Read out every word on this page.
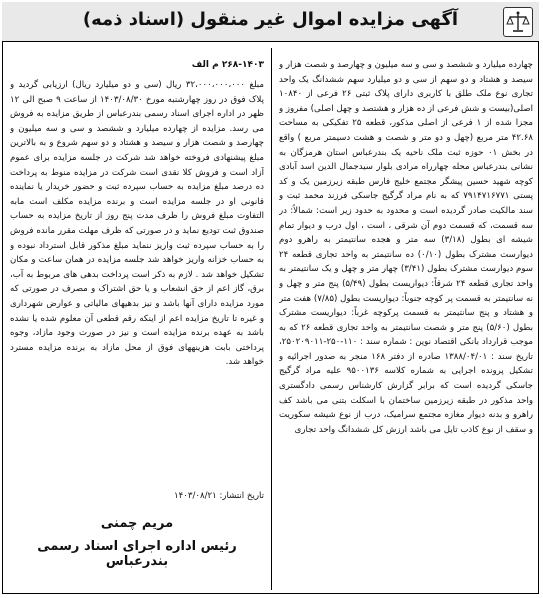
آگهی مزایده اموال غیر منقول (اسناد ذمه)
چهارده میلیارد و ششصد و سی و سه میلیون و چهارصد و شصت هزار و سیصد و هشتاد و دو سهم از سی و دو میلیارد سهم ششدانگ یک واحد تجاری نوع ملک طلق با کاربری دارای پلاک ثبتی ۲۶ فرعی از ۱۰۸۴۰ اصلی(بیست و شش فرعی از ده هزار و هشتصد و چهل اصلی) مفروز و مجزا شده از ۱ فرعی از اصلی مذکور، قطعه ۲۵ تفکیکی به مساحت ۴۲.۶۸ متر مربع (چهل و دو متر و شصت و هشت دسیمتر مربع ) واقع در بخش ۰۱ حوزه ثبت ملک ناحیه یک بندرعباس استان هرمزگان به نشانی بندرعباس محله چهارراه مرادی بلوار سیدجمال الدین اسد آبادی کوچه شهید حسین پیشگر مجتمع خلیج فارس طبقه زیرزمین یک و کد پستی ۷۹۱۴۷۱۶۷۷۱ که به نام مراد گرگیج جاسکی فرزند محمد ثبت و سند مالکیت صادر گردیده است و محدود به حدود زیر است: شمالاً: در سه قسمت، که قسمت دوم آن شرقی ، است ، اول درب و دیوار تمام شیشه ای بطول (۳/۱۸) سه متر و هجده سانتیمتر به راهرو دوم دیوارست مشترک بطول (۰/۱۰) ده سانتیمتر به واحد تجاری قطعه ۲۴ سوم دیوارست مشترک بطول (۳/۴۱) چهار متر و چهل و یک سانتیمتر به واحد تجاری قطعه ۲۴ شرقاً: دیواریست بطول (۵/۴۹) پنج متر و چهل و نه سانتیمتر به قسمت پر کوچه جنوباً: دیواریست بطول (۷/۸۵) هفت متر و هشتاد و پنج سانتیمتر به قسمت پرکوچه غرباً: دیواریست مشترک بطول (۵/۶۰) پنج متر و شصت سانتیمتر به واحد تجاری قطعه ۲۶ که به موجب قرارداد بانکی اقتصاد نوین : شماره سند : ۱۱۰-۲۵۰-۲۵۰۲۰۹۰۱۱، تاریخ سند : ۱۳۸۸/۰۴/۰۱ صادره از دفتر ۱۶۸ منجر به صدور اجرائیه و تشکیل پرونده اجرایی به شماره کلاسه ۹۵۰۰۱۳۶ علیه مراد گرگیج جاسکی گردیده است که برابر گزارش کارشناس رسمی دادگستری واحد مذکور در طبقه زیرزمین ساختمان با اسکلت بتنی می باشد کف راهرو و بدنه دیوار مغازه مجتمع سرامیک، درب از نوع شیشه سکوریت و سقف از نوع کاذب تایل می باشد ارزش کل ششدانگ واحد تجاری
۲۶۸-۱۴۰۳ م الف
مبلغ ۳۲،۰۰۰،۰۰۰،۰۰۰ ریال (سی و دو میلیارد ریال) ارزیابی گردید و پلاک فوق در روز چهارشنبه مورخ ۱۴۰۳/۰۸/۳۰ از ساعت ۹ صبح الی ۱۲ ظهر در اداره اجرای اسناد رسمی بندرعباس از طریق مزایده به فروش می رسد. مزایده از چهارده میلیارد و ششصد و سی و سه میلیون و چهارصد و شصت هزار و سیصد و هشتاد و دو سهم شروع و به بالاترین مبلغ پیشنهادی فروخته خواهد شد شرکت در جلسه مزایده برای عموم آزاد است و فروش کلا نقدی است شرکت در مزایده منوط به پرداخت ده درصد مبلغ مزایده به حساب سپرده ثبت و حضور خریدار یا نماینده قانونی او در جلسه مزایده است و برنده مزایده مکلف است مابه التفاوت مبلغ فروش را ظرف مدت پنج روز از تاریخ مزایده به حساب صندوق ثبت تودیع نماید و در صورتی که ظرف مهلت مقرر مانده فروش را به حساب سپرده ثبت واریز ننماید مبلغ مذکور قابل استرداد نبوده و به حساب خزانه واریز خواهد شد جلسه مزایده در همان ساعت و مکان تشکیل خواهد شد . لازم به ذکر است پرداخت بدهی های مربوط به آب، برق، گاز اعم از حق انشعاب و یا حق اشتراک و مصرف در صورتی که مورد مزایده دارای آنها باشد و نیز بدهیهای مالیاتی و عوارض شهرداری و غیره تا تاریخ مزایده اعم از اینکه رقم قطعی آن معلوم شده یا نشده باشد به عهده برنده مزایده است و نیز در صورت وجود مازاد، وجوه پرداختی بابت هزینههای فوق از محل مازاد به برنده مزایده مسترد خواهد شد.
تاریخ انتشار: ۱۴۰۳/۰۸/۲۱
مریم چمنی
رئیس اداره اجرای اسناد رسمی بندرعباس
